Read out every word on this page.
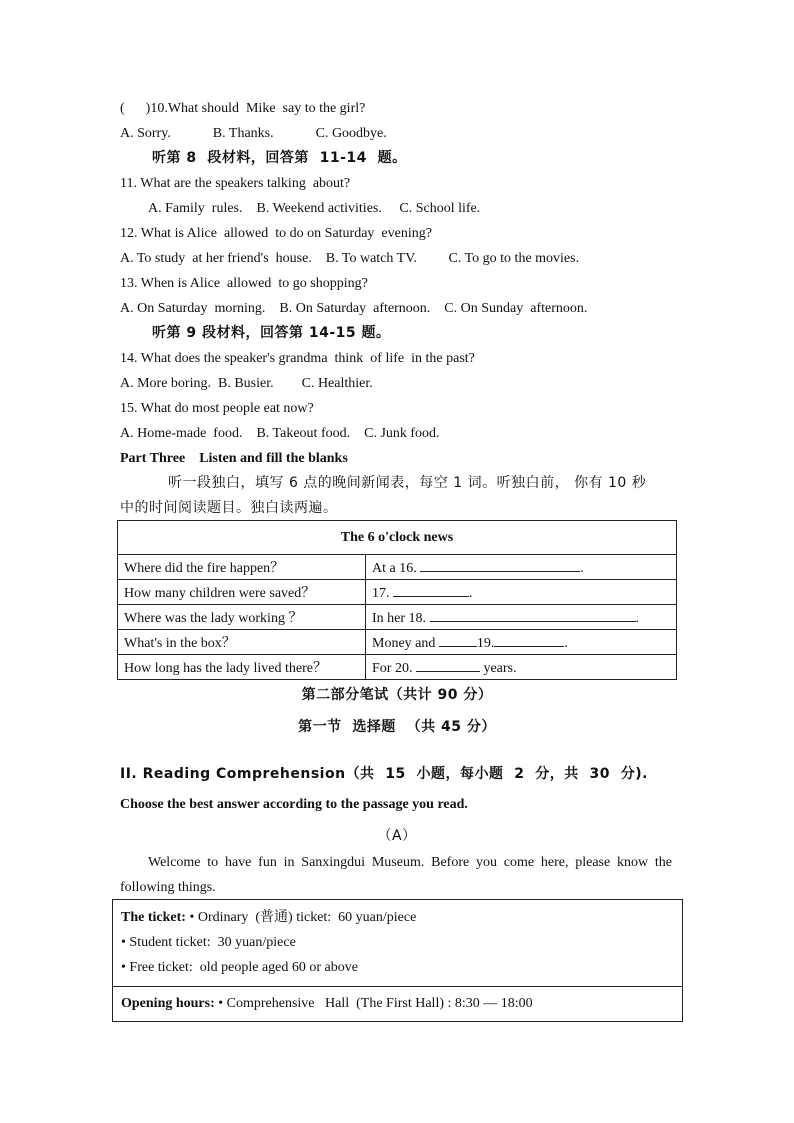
(      )10.What should  Mike  say to the girl?
A. Sorry.            B. Thanks.            C. Goodbye.
听第 8  段材料，回答第  11-14  题。
11. What are the speakers talking  about?
A. Family  rules.    B. Weekend activities.     C. School life.
12. What is Alice  allowed  to do on Saturday  evening?
A. To study  at her friend's  house.    B. To watch TV.         C. To go to the movies.
13. When is Alice  allowed  to go shopping?
A. On Saturday  morning.    B. On Saturday  afternoon.    C. On Sunday  afternoon.
听第 9 段材料，回答第 14-15 题。
14. What does the speaker's grandma  think  of life  in the past?
A. More boring.  B. Busier.        C. Healthier.
15. What do most people eat now?
A. Home-made  food.    B. Takeout food.    C. Junk food.
Part Three    Listen and fill the blanks
听一段独白，填写 6 点的晚间新闻表，每空 1 词。听独白前， 你有 10 秒
中的时间阅读题目。独白读两遍。
The 6 o'clock news	
Where did the fire happen？	At a 16. .
How many children were saved？	17. .
Where was the lady working ？	In her 18. .
What's in the box？	Money and 19. .
How long has the lady lived there？	For 20. years.
第二部分笔试（共计 90 分）
第一节  选择题  （共 45 分）
II. Reading Comprehension（共  15  小题，每小题  2  分，共  30  分).
Choose the best answer according to the passage you read.
（A）
Welcome to have fun in Sanxingdui Museum. Before you come here, please know the following things.
The ticket: • Ordinary  (普通) ticket:  60 yuan/piece
• Student ticket:  30 yuan/piece
• Free ticket:  old people aged 60 or above
Opening hours: • Comprehensive   Hall  (The First Hall) : 8:30 — 18:00
